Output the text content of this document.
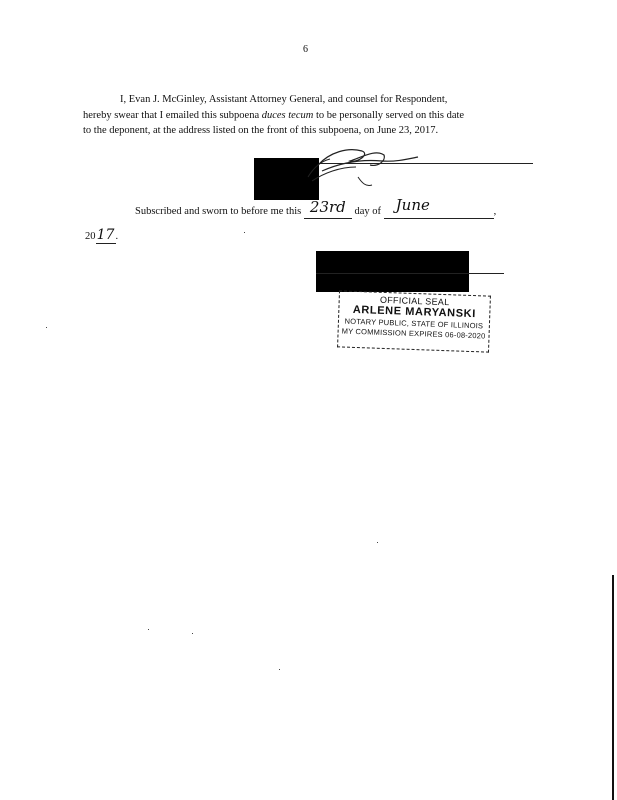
6
I, Evan J. McGinley, Assistant Attorney General, and counsel for Respondent,
hereby swear that I emailed this subpoena duces tecum to be personally served on this date
to the deponent, at the address listed on the front of this subpoena, on June 23, 2017.
Subscribed and sworn to before me this 23rd day of June	,
2017.
OFFICIAL SEAL
ARLENE MARYANSKI
NOTARY PUBLIC, STATE OF ILLINOIS
MY COMMISSION EXPIRES 06-08-2020
